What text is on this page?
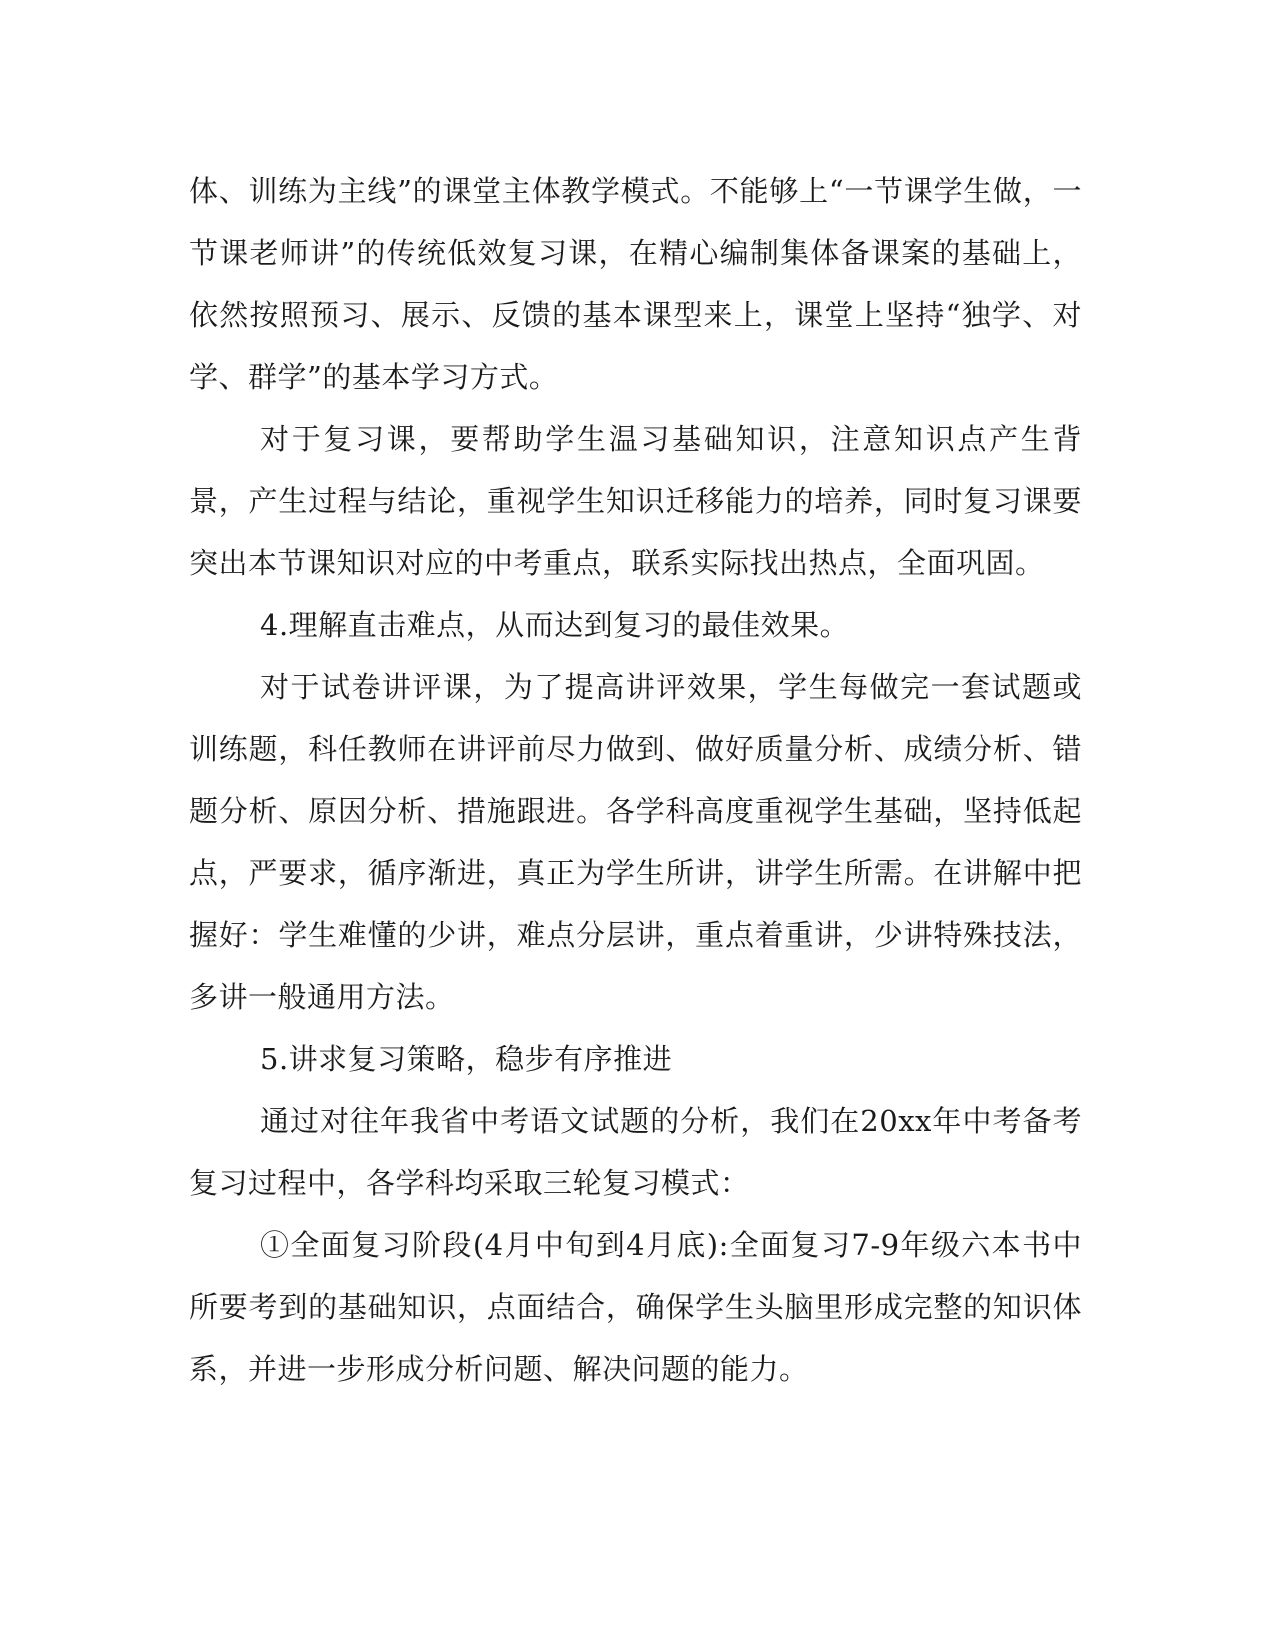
体、训练为主线”的课堂主体教学模式。不能够上“一节课学生做，一节课老师讲”的传统低效复习课，在精心编制集体备课案的基础上，依然按照预习、展示、反馈的基本课型来上，课堂上坚持“独学、对学、群学”的基本学习方式。

对于复习课，要帮助学生温习基础知识，注意知识点产生背景，产生过程与结论，重视学生知识迁移能力的培养，同时复习课要突出本节课知识对应的中考重点，联系实际找出热点，全面巩固。

4.理解直击难点，从而达到复习的最佳效果。

对于试卷讲评课，为了提高讲评效果，学生每做完一套试题或训练题，科任教师在讲评前尽力做到、做好质量分析、成绩分析、错题分析、原因分析、措施跟进。各学科高度重视学生基础，坚持低起点，严要求，循序渐进，真正为学生所讲，讲学生所需。在讲解中把握好：学生难懂的少讲，难点分层讲，重点着重讲，少讲特殊技法，多讲一般通用方法。

5.讲求复习策略，稳步有序推进

通过对往年我省中考语文试题的分析，我们在20xx年中考备考复习过程中，各学科均采取三轮复习模式：

①全面复习阶段(4月中旬到4月底):全面复习7-9年级六本书中所要考到的基础知识，点面结合，确保学生头脑里形成完整的知识体系，并进一步形成分析问题、解决问题的能力。
